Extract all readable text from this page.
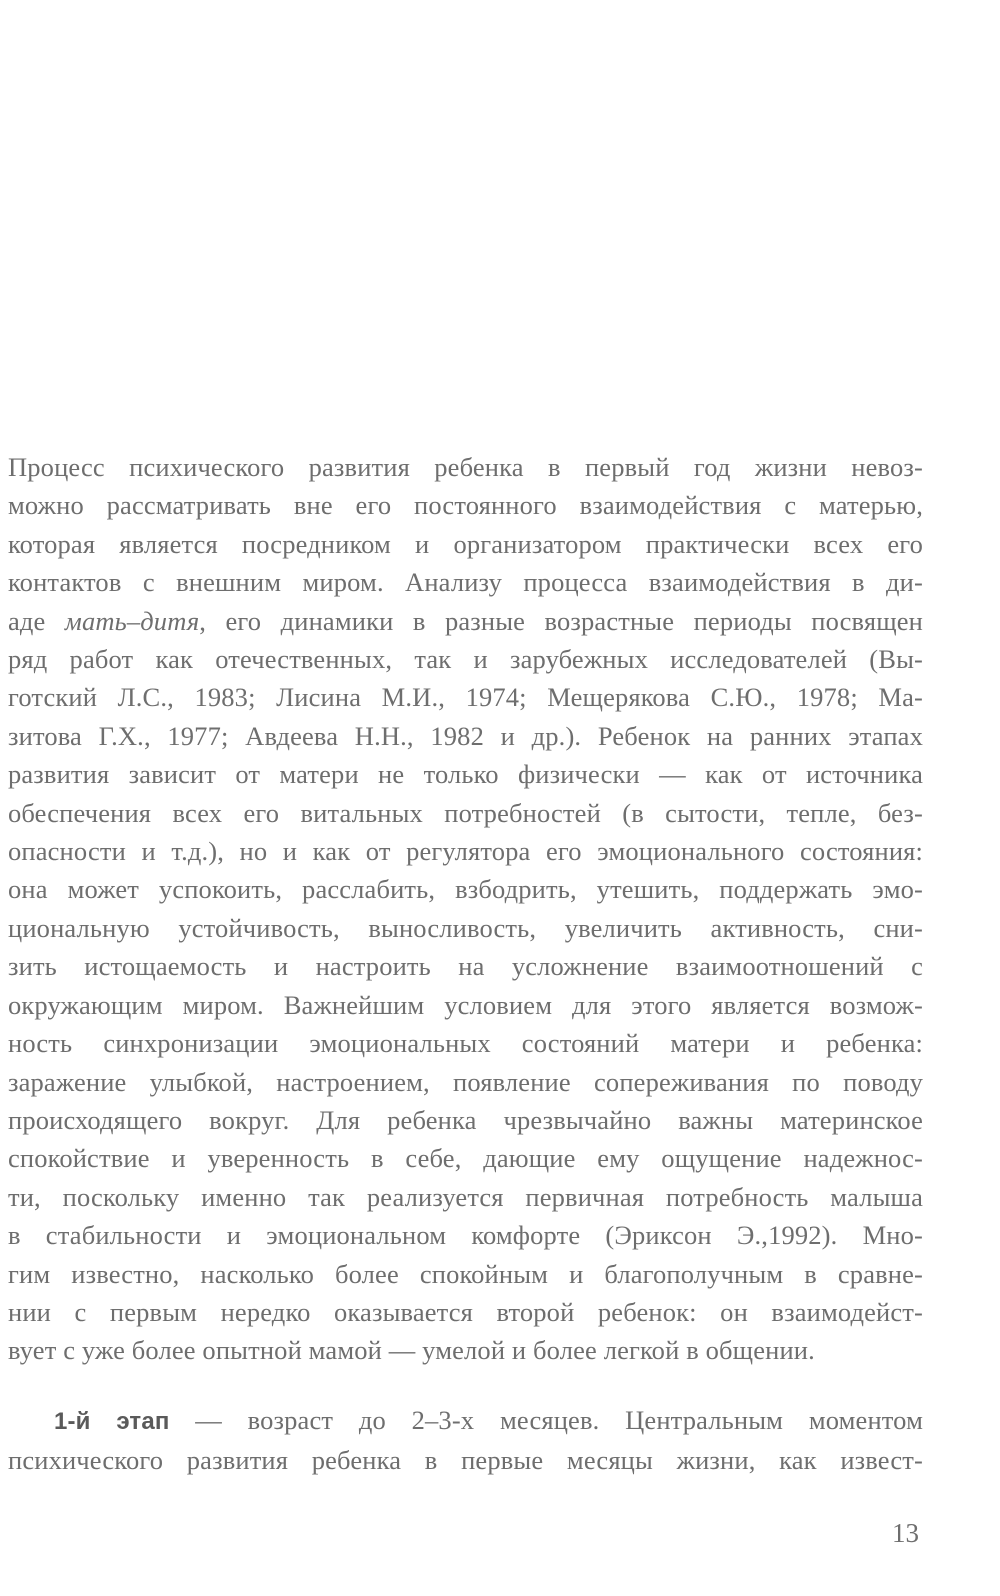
Процесс психического развития ребенка в первый год жизни невоз-
можно рассматривать вне его постоянного взаимодействия с матерью,
которая является посредником и организатором практически всех его
контактов с внешним миром. Анализу процесса взаимодействия в ди-
аде мать–дитя, его динамики в разные возрастные периоды посвящен
ряд работ как отечественных, так и зарубежных исследователей (Вы-
готский Л.С., 1983; Лисина М.И., 1974; Мещерякова С.Ю., 1978; Ма-
зитова Г.Х., 1977; Авдеева Н.Н., 1982 и др.). Ребенок на ранних этапах
развития зависит от матери не только физически — как от источника
обеспечения всех его витальных потребностей (в сытости, тепле, без-
опасности и т.д.), но и как от регулятора его эмоционального состояния:
она может успокоить, расслабить, взбодрить, утешить, поддержать эмо-
циональную устойчивость, выносливость, увеличить активность, сни-
зить истощаемость и настроить на усложнение взаимоотношений с
окружающим миром. Важнейшим условием для этого является возмож-
ность синхронизации эмоциональных состояний матери и ребенка:
заражение улыбкой, настроением, появление сопереживания по поводу
происходящего вокруг. Для ребенка чрезвычайно важны материнское
спокойствие и уверенность в себе, дающие ему ощущение надежнос-
ти, поскольку именно так реализуется первичная потребность малыша
в стабильности и эмоциональном комфорте (Эриксон Э.,1992). Мно-
гим известно, насколько более спокойным и благополучным в сравне-
нии с первым нередко оказывается второй ребенок: он взаимодейст-
вует с уже более опытной мамой — умелой и более легкой в общении.
1-й этап — возраст до 2–3-х месяцев. Центральным моментом
психического развития ребенка в первые месяцы жизни, как извест-
13
